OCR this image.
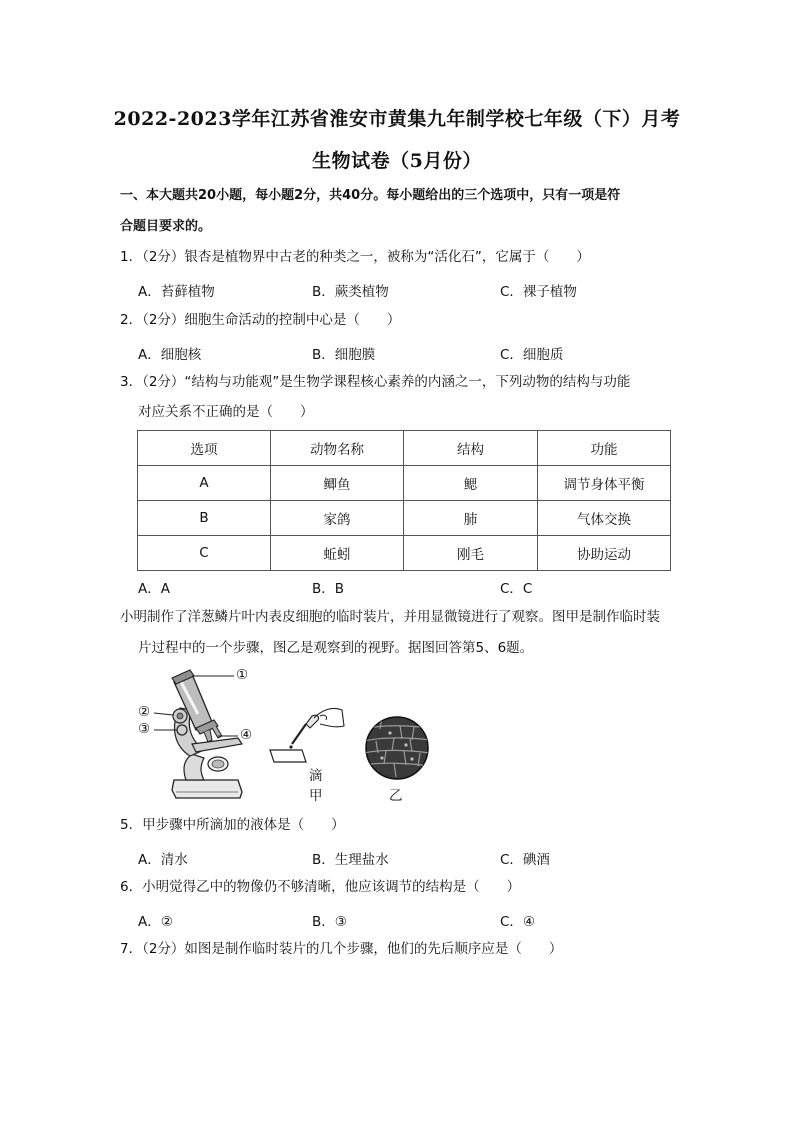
2022-2023学年江苏省淮安市黄集九年制学校七年级（下）月考
生物试卷（5月份）
一、本大题共20小题，每小题2分，共40分。每小题给出的三个选项中，只有一项是符
合题目要求的。
1．（2分）银杏是植物界中古老的种类之一，被称为“活化石”，它属于（　　）
A．苔藓植物	B．蕨类植物	C．裸子植物
2．（2分）细胞生命活动的控制中心是（　　）
A．细胞核	B．细胞膜	C．细胞质
3．（2分）“结构与功能观”是生物学课程核心素养的内涵之一，下列动物的结构与功能
对应关系不正确的是（　　）
选项	动物名称	结构	功能
A	鲫鱼	鳃	调节身体平衡
B	家鸽	肺	气体交换
C	蚯蚓	刚毛	协助运动
A．A	B．B	C．C
小明制作了洋葱鳞片叶内表皮细胞的临时装片，并用显微镜进行了观察。图甲是制作临时装
片过程中的一个步骤，图乙是观察到的视野。据图回答第5、6题。
①
②
③	④
滴
甲	乙
5．甲步骤中所滴加的液体是（　　）
A．清水	B．生理盐水	C．碘酒
6．小明觉得乙中的物像仍不够清晰，他应该调节的结构是（　　）
A．②	B．③	C．④
7．（2分）如图是制作临时装片的几个步骤，他们的先后顺序应是（　　）
